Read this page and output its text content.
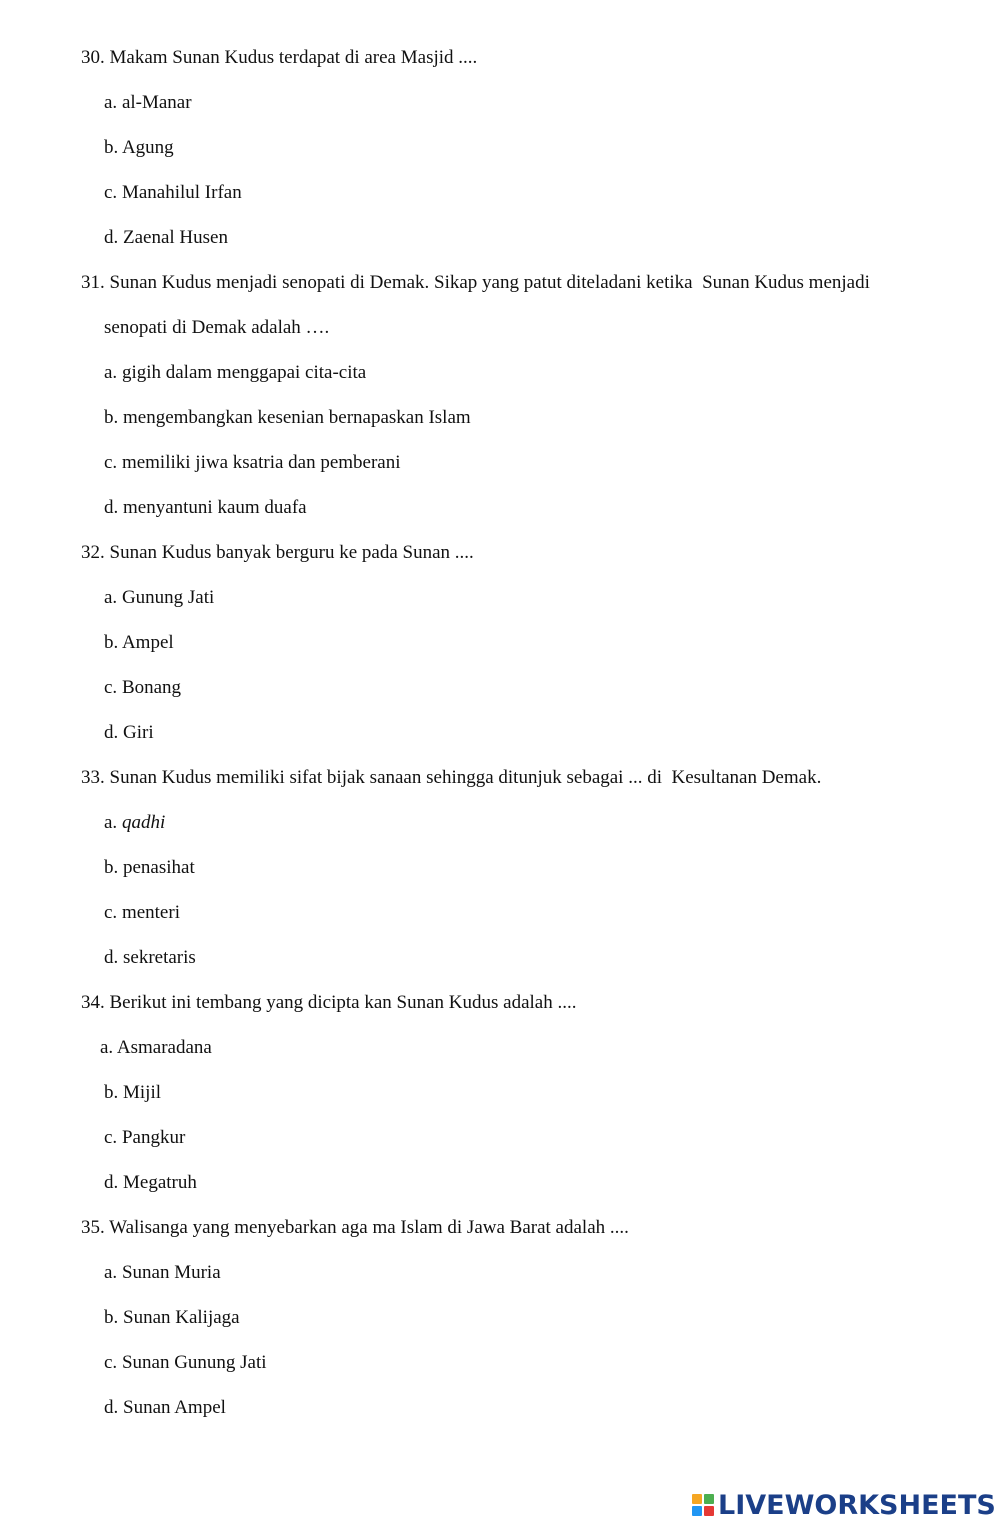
30. Makam Sunan Kudus terdapat di area Masjid ....
a. al-Manar
b. Agung
c. Manahilul Irfan
d. Zaenal Husen
31. Sunan Kudus menjadi senopati di Demak. Sikap yang patut diteladani ketika  Sunan Kudus menjadi
senopati di Demak adalah ….
a. gigih dalam menggapai cita-cita
b. mengembangkan kesenian bernapaskan Islam
c. memiliki jiwa ksatria dan pemberani
d. menyantuni kaum duafa
32. Sunan Kudus banyak berguru ke pada Sunan ....
a. Gunung Jati
b. Ampel
c. Bonang
d. Giri
33. Sunan Kudus memiliki sifat bijak sanaan sehingga ditunjuk sebagai ... di  Kesultanan Demak.
a. qadhi
b. penasihat
c. menteri
d. sekretaris
34. Berikut ini tembang yang dicipta kan Sunan Kudus adalah ....
a. Asmaradana
b. Mijil
c. Pangkur
d. Megatruh
35. Walisanga yang menyebarkan aga ma Islam di Jawa Barat adalah ....
a. Sunan Muria
b. Sunan Kalijaga
c. Sunan Gunung Jati
d. Sunan Ampel
LIVEWORKSHEETS
